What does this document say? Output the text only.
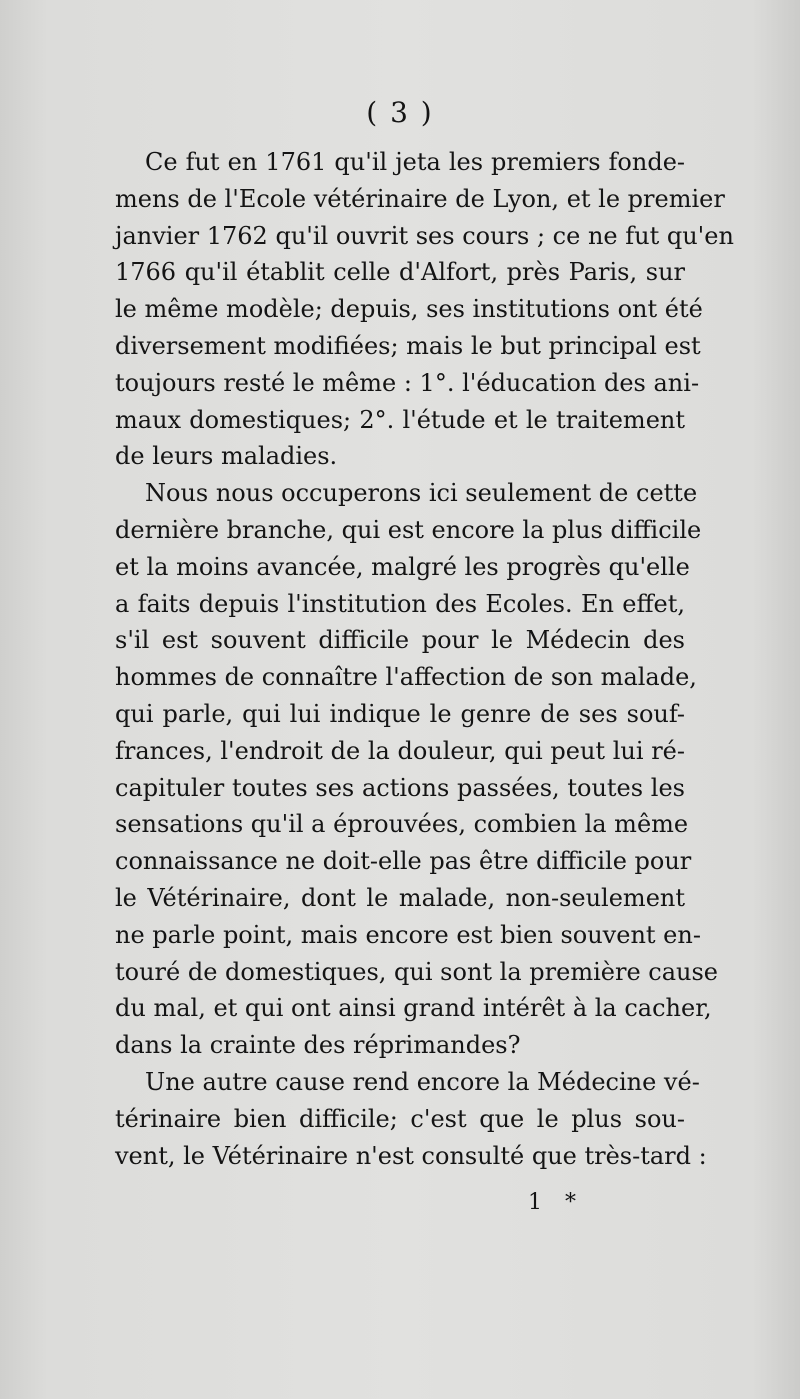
( 3 )
Ce fut en 1761 qu'il jeta les premiers fonde-
mens de l'Ecole vétérinaire de Lyon, et le premier
janvier 1762 qu'il ouvrit ses cours ; ce ne fut qu'en
1766 qu'il établit celle d'Alfort, près Paris, sur
le même modèle; depuis, ses institutions ont été
diversement modifiées; mais le but principal est
toujours resté le même : 1°. l'éducation des ani-
maux domestiques; 2°. l'étude et le traitement
de leurs maladies.
Nous nous occuperons ici seulement de cette
dernière branche, qui est encore la plus difficile
et la moins avancée, malgré les progrès qu'elle
a faits depuis l'institution des Ecoles. En effet,
s'il est souvent difficile pour le Médecin des
hommes de connaître l'affection de son malade,
qui parle, qui lui indique le genre de ses souf-
frances, l'endroit de la douleur, qui peut lui ré-
capituler toutes ses actions passées, toutes les
sensations qu'il a éprouvées, combien la même
connaissance ne doit-elle pas être difficile pour
le Vétérinaire, dont le malade, non-seulement
ne parle point, mais encore est bien souvent en-
touré de domestiques, qui sont la première cause
du mal, et qui ont ainsi grand intérêt à la cacher,
dans la crainte des réprimandes?
Une autre cause rend encore la Médecine vé-
térinaire bien difficile; c'est que le plus sou-
vent, le Vétérinaire n'est consulté que très-tard :
1 *
